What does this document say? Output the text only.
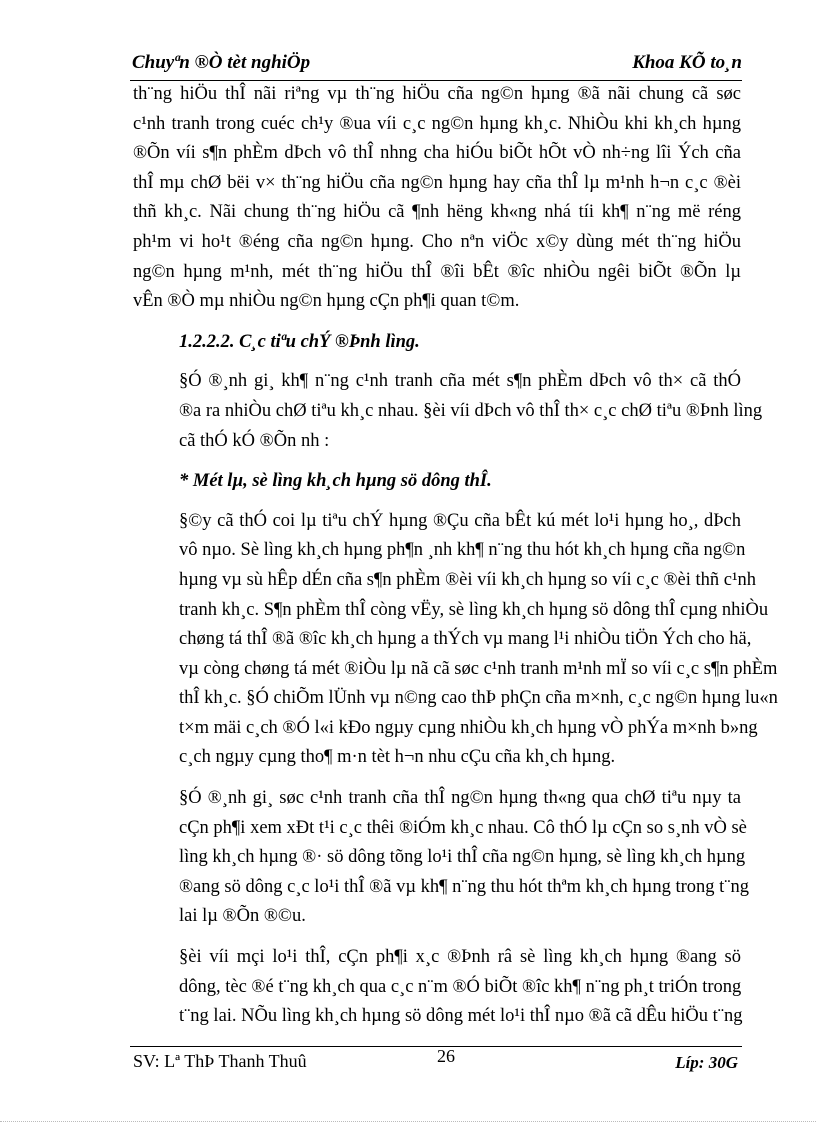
Chuyªn ®Ò tèt nghiÖp	Khoa KÕ to¸n
th¨ng hiÖu thÎ nãi riªng vµ th¨ng hiÖu cña ng©n hµng ®ã nãi chung cã søc
c¹nh tranh trong cuéc ch¹y ®ua víi c¸c ng©n hµng kh¸c. NhiÒu khi kh¸ch hµng
®Õn víi s¶n phÈm dÞch vô thÎ nhng cha hiÓu biÕt hÕt vÒ nh÷ng lîi Ých cña
thÎ mµ chØ bëi v× th¨ng hiÖu cña ng©n hµng hay cña thÎ lµ m¹nh h¬n c¸c ®èi
thñ kh¸c. Nãi chung th¨ng hiÖu cã ¶nh hëng kh«ng nhá tíi kh¶ n¨ng më réng
ph¹m vi ho¹t ®éng cña ng©n hµng. Cho nªn viÖc x©y dùng mét th¨ng hiÖu
ng©n hµng m¹nh, mét th¨ng hiÖu thÎ ®îi bÊt ®îc nhiÒu ngêi biÕt ®Õn lµ
vÊn ®Ò mµ nhiÒu ng©n hµng cÇn ph¶i quan t©m.
1.2.2.2. C¸c tiªu chÝ ®Þnh lìng.
§Ó ®¸nh gi¸ kh¶ n¨ng c¹nh tranh cña mét s¶n phÈm dÞch vô th× cã thÓ
®a ra nhiÒu chØ tiªu kh¸c nhau. §èi víi dÞch vô thÎ th× c¸c chØ tiªu ®Þnh lìng
cã thÓ kÓ ®Õn nh :
* Mét lµ, sè lìng kh¸ch hµng sö dông thÎ.
§©y cã thÓ coi lµ tiªu chÝ hµng ®Çu cña bÊt kú mét lo¹i hµng ho¸, dÞch
vô nµo. Sè lìng kh¸ch hµng ph¶n ¸nh kh¶ n¨ng thu hót kh¸ch hµng cña ng©n
hµng vµ sù hÊp dÉn cña s¶n phÈm ®èi víi kh¸ch hµng so víi c¸c ®èi thñ c¹nh
tranh kh¸c. S¶n phÈm thÎ còng vËy, sè lìng kh¸ch hµng sö dông thÎ cµng nhiÒu
chøng tá thÎ ®ã ®îc kh¸ch hµng a thÝch vµ mang l¹i nhiÒu tiÖn Ých cho hä,
vµ còng chøng tá mét ®iÒu lµ nã cã søc c¹nh tranh m¹nh mÏ so víi c¸c s¶n phÈm
thÎ kh¸c. §Ó chiÕm lÜnh vµ n©ng cao thÞ phÇn cña m×nh, c¸c ng©n hµng lu«n
t×m mäi c¸ch ®Ó l«i kÐo ngµy cµng nhiÒu kh¸ch hµng vÒ phÝa m×nh b»ng
c¸ch ngµy cµng tho¶ m·n tèt h¬n nhu cÇu cña kh¸ch hµng.
§Ó ®¸nh gi¸ søc c¹nh tranh cña thÎ ng©n hµng th«ng qua chØ tiªu nµy ta
cÇn ph¶i xem xÐt t¹i c¸c thêi ®iÓm kh¸c nhau. Cô thÓ lµ cÇn so s¸nh vÒ sè
lìng kh¸ch hµng ®· sö dông tõng lo¹i thÎ cña ng©n hµng, sè lìng kh¸ch hµng
®ang sö dông c¸c lo¹i thÎ ®ã vµ kh¶ n¨ng thu hót thªm kh¸ch hµng trong t¨ng
lai lµ ®Õn ®©u.
§èi víi mçi lo¹i thÎ, cÇn ph¶i x¸c ®Þnh râ sè lìng kh¸ch hµng ®ang sö
dông, tèc ®é t¨ng kh¸ch qua c¸c n¨m ®Ó biÕt ®îc kh¶ n¨ng ph¸t triÓn trong
t¨ng lai. NÕu lìng kh¸ch hµng sö dông mét lo¹i thÎ nµo ®ã cã dÊu hiÖu t¨ng
SV: Lª ThÞ Thanh Thuû	26	Líp: 30G
